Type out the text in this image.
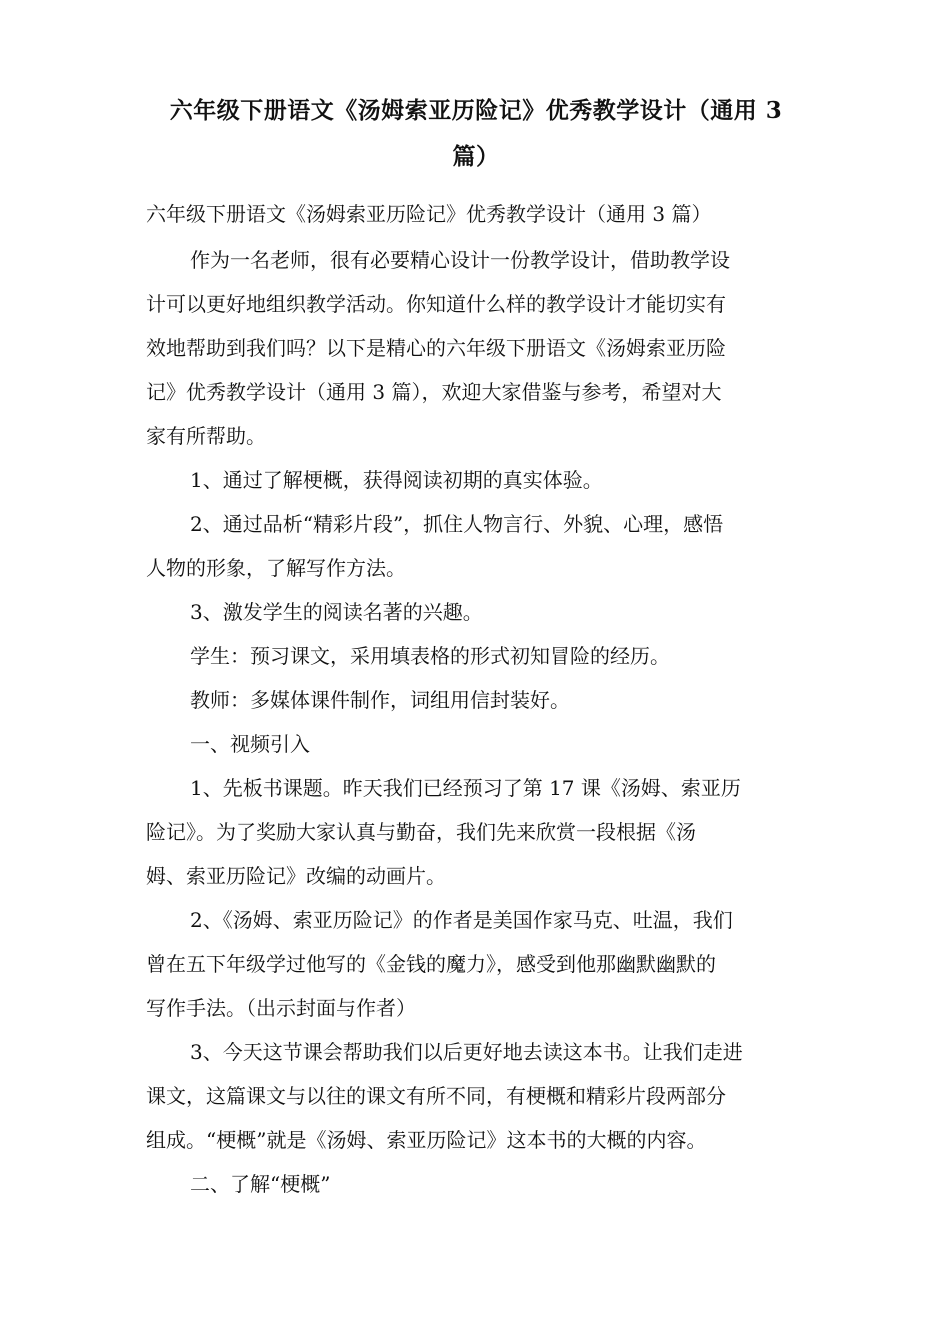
六年级下册语文《汤姆索亚历险记》优秀教学设计（通用 3
篇）

六年级下册语文《汤姆索亚历险记》优秀教学设计（通用 3 篇）

作为一名老师，很有必要精心设计一份教学设计，借助教学设

计可以更好地组织教学活动。你知道什么样的教学设计才能切实有

效地帮助到我们吗？以下是精心的六年级下册语文《汤姆索亚历险

记》优秀教学设计（通用 3 篇），欢迎大家借鉴与参考，希望对大

家有所帮助。

1、通过了解梗概，获得阅读初期的真实体验。

2、通过品析“精彩片段”，抓住人物言行、外貌、心理，感悟

人物的形象，了解写作方法。

3、激发学生的阅读名著的兴趣。

学生：预习课文，采用填表格的形式初知冒险的经历。

教师：多媒体课件制作，词组用信封装好。

一、视频引入

1、先板书课题。昨天我们已经预习了第 17 课《汤姆、索亚历

险记》。为了奖励大家认真与勤奋，我们先来欣赏一段根据《汤

姆、索亚历险记》改编的动画片。

2、《汤姆、索亚历险记》的作者是美国作家马克、吐温，我们

曾在五下年级学过他写的《金钱的魔力》，感受到他那幽默幽默的

写作手法。（出示封面与作者）

3、今天这节课会帮助我们以后更好地去读这本书。让我们走进

课文，这篇课文与以往的课文有所不同，有梗概和精彩片段两部分

组成。“梗概”就是《汤姆、索亚历险记》这本书的大概的内容。

二、了解“梗概”
